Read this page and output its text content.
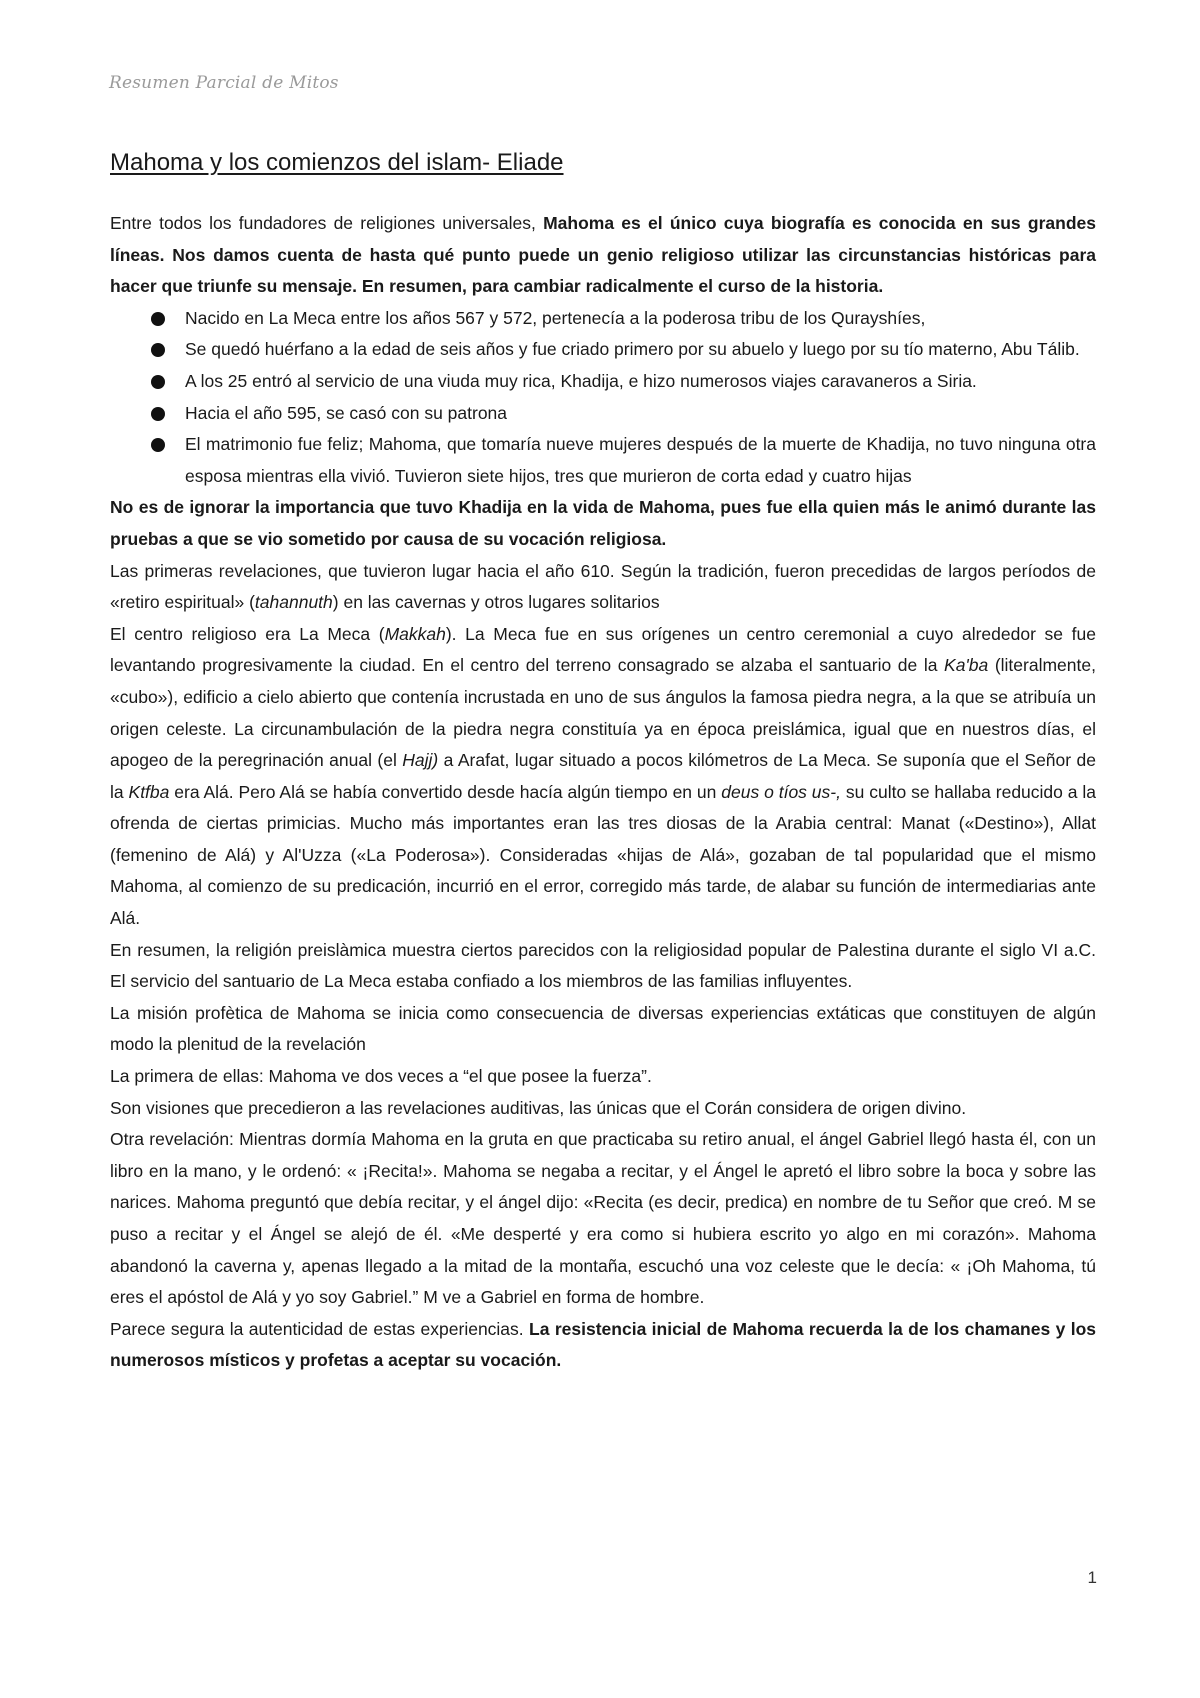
Resumen Parcial de Mitos
Mahoma y los comienzos del islam- Eliade

Entre todos los fundadores de religiones universales, Mahoma es el único cuya biografía es conocida en sus grandes líneas. Nos damos cuenta de hasta qué punto puede un genio religioso utilizar las circunstancias históricas para hacer que triunfe su mensaje. En resumen, para cambiar radicalmente el curso de la historia.

Nacido en La Meca entre los años 567 y 572, pertenecía a la poderosa tribu de los Qurayshíes,
Se quedó huérfano a la edad de seis años y fue criado primero por su abuelo y luego por su tío materno, Abu Tálib.
A los 25 entró al servicio de una viuda muy rica, Khadija, e hizo numerosos viajes caravaneros a Siria.
Hacia el año 595, se casó con su patrona
El matrimonio fue feliz; Mahoma, que tomaría nueve mujeres después de la muerte de Khadija, no tuvo ninguna otra esposa mientras ella vivió. Tuvieron siete hijos, tres que murieron de corta edad y cuatro hijas

No es de ignorar la importancia que tuvo Khadija en la vida de Mahoma, pues fue ella quien más le animó durante las pruebas a que se vio sometido por causa de su vocación religiosa.

Las primeras revelaciones, que tuvieron lugar hacia el año 610. Según la tradición, fueron precedidas de largos períodos de «retiro espiritual» (tahannuth) en las cavernas y otros lugares solitarios

El centro religioso era La Meca (Makkah). La Meca fue en sus orígenes un centro ceremonial a cuyo alrededor se fue levantando progresivamente la ciudad. En el centro del terreno consagrado se alzaba el santuario de la Ka'ba (literalmente, «cubo»), edificio a cielo abierto que contenía incrustada en uno de sus ángulos la famosa piedra negra, a la que se atribuía un origen celeste. La circunambulación de la piedra negra constituía ya en época preislámica, igual que en nuestros días, el apogeo de la peregrinación anual (el Hajj) a Arafat, lugar situado a pocos kilómetros de La Meca. Se suponía que el Señor de la Ktfba era Alá. Pero Alá se había convertido desde hacía algún tiempo en un deus o tíos us-, su culto se hallaba reducido a la ofrenda de ciertas primicias. Mucho más importantes eran las tres diosas de la Arabia central: Manat («Destino»), Allat (femenino de Alá) y Al'Uzza («La Poderosa»). Consideradas «hijas de Alá», gozaban de tal popularidad que el mismo Mahoma, al comienzo de su predicación, incurrió en el error, corregido más tarde, de alabar su función de intermediarias ante Alá.

En resumen, la religión preislàmica muestra ciertos parecidos con la religiosidad popular de Palestina durante el siglo VI a.C. El servicio del santuario de La Meca estaba confiado a los miembros de las familias influyentes.

La misión profètica de Mahoma se inicia como consecuencia de diversas experiencias extáticas que constituyen de algún modo la plenitud de la revelación

La primera de ellas: Mahoma ve dos veces a “el que posee la fuerza”.

Son visiones que precedieron a las revelaciones auditivas, las únicas que el Corán considera de origen divino.

Otra revelación: Mientras dormía Mahoma en la gruta en que practicaba su retiro anual, el ángel Gabriel llegó hasta él, con un libro en la mano, y le ordenó: « ¡Recita!». Mahoma se negaba a recitar, y el Ángel le apretó el libro sobre la boca y sobre las narices. Mahoma preguntó que debía recitar, y el ángel dijo: «Recita (es decir, predica) en nombre de tu Señor que creó. M se puso a recitar y el Ángel se alejó de él. «Me desperté y era como si hubiera escrito yo algo en mi corazón». Mahoma abandonó la caverna y, apenas llegado a la mitad de la montaña, escuchó una voz celeste que le decía: « ¡Oh Mahoma, tú eres el apóstol de Alá y yo soy Gabriel.” M ve a Gabriel en forma de hombre.

Parece segura la autenticidad de estas experiencias. La resistencia inicial de Mahoma recuerda la de los chamanes y los numerosos místicos y profetas a aceptar su vocación.

1
